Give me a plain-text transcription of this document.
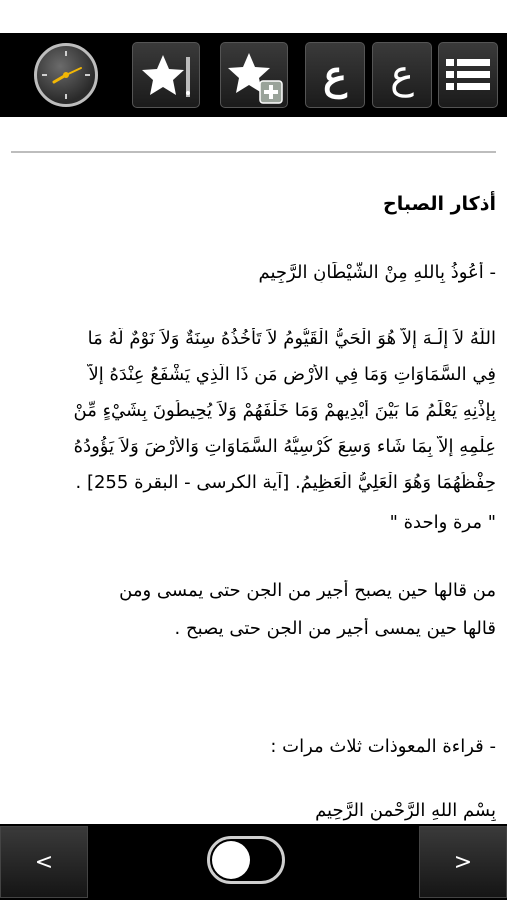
ع ع
أذكار الصباح
- أَعُوذُ بِاللهِ مِنْ الشَّيْطَانِ الرَّجِيمِ
اللّهُ لاَ إِلَـهَ إِلاَّ هُوَ الْحَيُّ الْقَيُّومُ لاَ تَأْخُذُهُ سِنَةٌ وَلاَ نَوْمٌ لَّهُ مَا
فِي السَّمَاوَاتِ وَمَا فِي الأَرْضِ مَن ذَا الَّذِي يَشْفَعُ عِنْدَهُ إِلاَّ
بِإِذْنِهِ يَعْلَمُ مَا بَيْنَ أَيْدِيهِمْ وَمَا خَلْفَهُمْ وَلاَ يُحِيطُونَ بِشَيْءٍ مِّنْ
عِلْمِهِ إِلاَّ بِمَا شَاء وَسِعَ كُرْسِيُّهُ السَّمَاوَاتِ وَالأَرْضَ وَلاَ يَؤُودُهُ
حِفْظُهُمَا وَهُوَ الْعَلِيُّ الْعَظِيمُ. [آية الكرسى - البقرة 255] .
" مرة واحدة "
من قالها حين يصبح أجير من الجن حتى يمسى ومن
قالها حين يمسى أجير من الجن حتى يصبح .
- قراءة المعوذات ثلاث مرات :
بِسْمِ اللهِ الرَّحْمنِ الرَّحِيمِ
<	>
